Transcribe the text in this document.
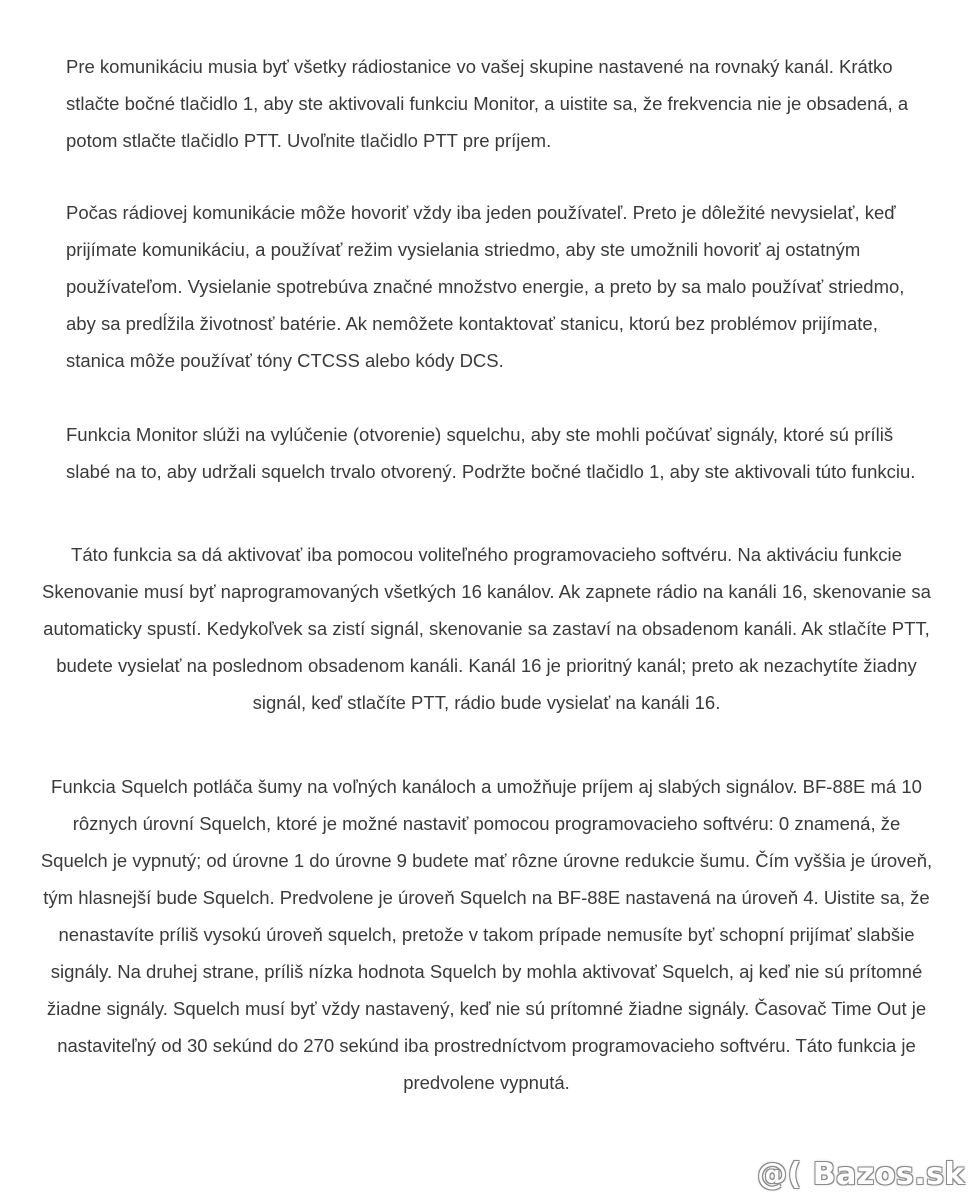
Pre komunikáciu musia byť všetky rádiostanice vo vašej skupine nastavené na rovnaký kanál. Krátko stlačte bočné tlačidlo 1, aby ste aktivovali funkciu Monitor, a uistite sa, že frekvencia nie je obsadená, a potom stlačte tlačidlo PTT. Uvoľnite tlačidlo PTT pre príjem.

Počas rádiovej komunikácie môže hovoriť vždy iba jeden používateľ. Preto je dôležité nevysielať, keď prijímate komunikáciu, a používať režim vysielania striedmo, aby ste umožnili hovoriť aj ostatným používateľom. Vysielanie spotrebúva značné množstvo energie, a preto by sa malo používať striedmo, aby sa predĺžila životnosť batérie. Ak nemôžete kontaktovať stanicu, ktorú bez problémov prijímate, stanica môže používať tóny CTCSS alebo kódy DCS.

Funkcia Monitor slúži na vylúčenie (otvorenie) squelchu, aby ste mohli počúvať signály, ktoré sú príliš slabé na to, aby udržali squelch trvalo otvorený. Podržte bočné tlačidlo 1, aby ste aktivovali túto funkciu.

Táto funkcia sa dá aktivovať iba pomocou voliteľného programovacieho softvéru. Na aktiváciu funkcie Skenovanie musí byť naprogramovaných všetkých 16 kanálov. Ak zapnete rádio na kanáli 16, skenovanie sa automaticky spustí. Kedykoľvek sa zistí signál, skenovanie sa zastaví na obsadenom kanáli. Ak stlačíte PTT, budete vysielať na poslednom obsadenom kanáli. Kanál 16 je prioritný kanál; preto ak nezachytíte žiadny signál, keď stlačíte PTT, rádio bude vysielať na kanáli 16.

Funkcia Squelch potláča šumy na voľných kanáloch a umožňuje príjem aj slabých signálov. BF-88E má 10 rôznych úrovní Squelch, ktoré je možné nastaviť pomocou programovacieho softvéru: 0 znamená, že Squelch je vypnutý; od úrovne 1 do úrovne 9 budete mať rôzne úrovne redukcie šumu. Čím vyššia je úroveň, tým hlasnejší bude Squelch. Predvolene je úroveň Squelch na BF-88E nastavená na úroveň 4. Uistite sa, že nenastavíte príliš vysokú úroveň squelch, pretože v takom prípade nemusíte byť schopní prijímať slabšie signály. Na druhej strane, príliš nízka hodnota Squelch by mohla aktivovať Squelch, aj keď nie sú prítomné žiadne signály. Squelch musí byť vždy nastavený, keď nie sú prítomné žiadne signály. Časovač Time Out je nastaviteľný od 30 sekúnd do 270 sekúnd iba prostredníctvom programovacieho softvéru. Táto funkcia je predvolene vypnutá.

@( Bazos.sk
